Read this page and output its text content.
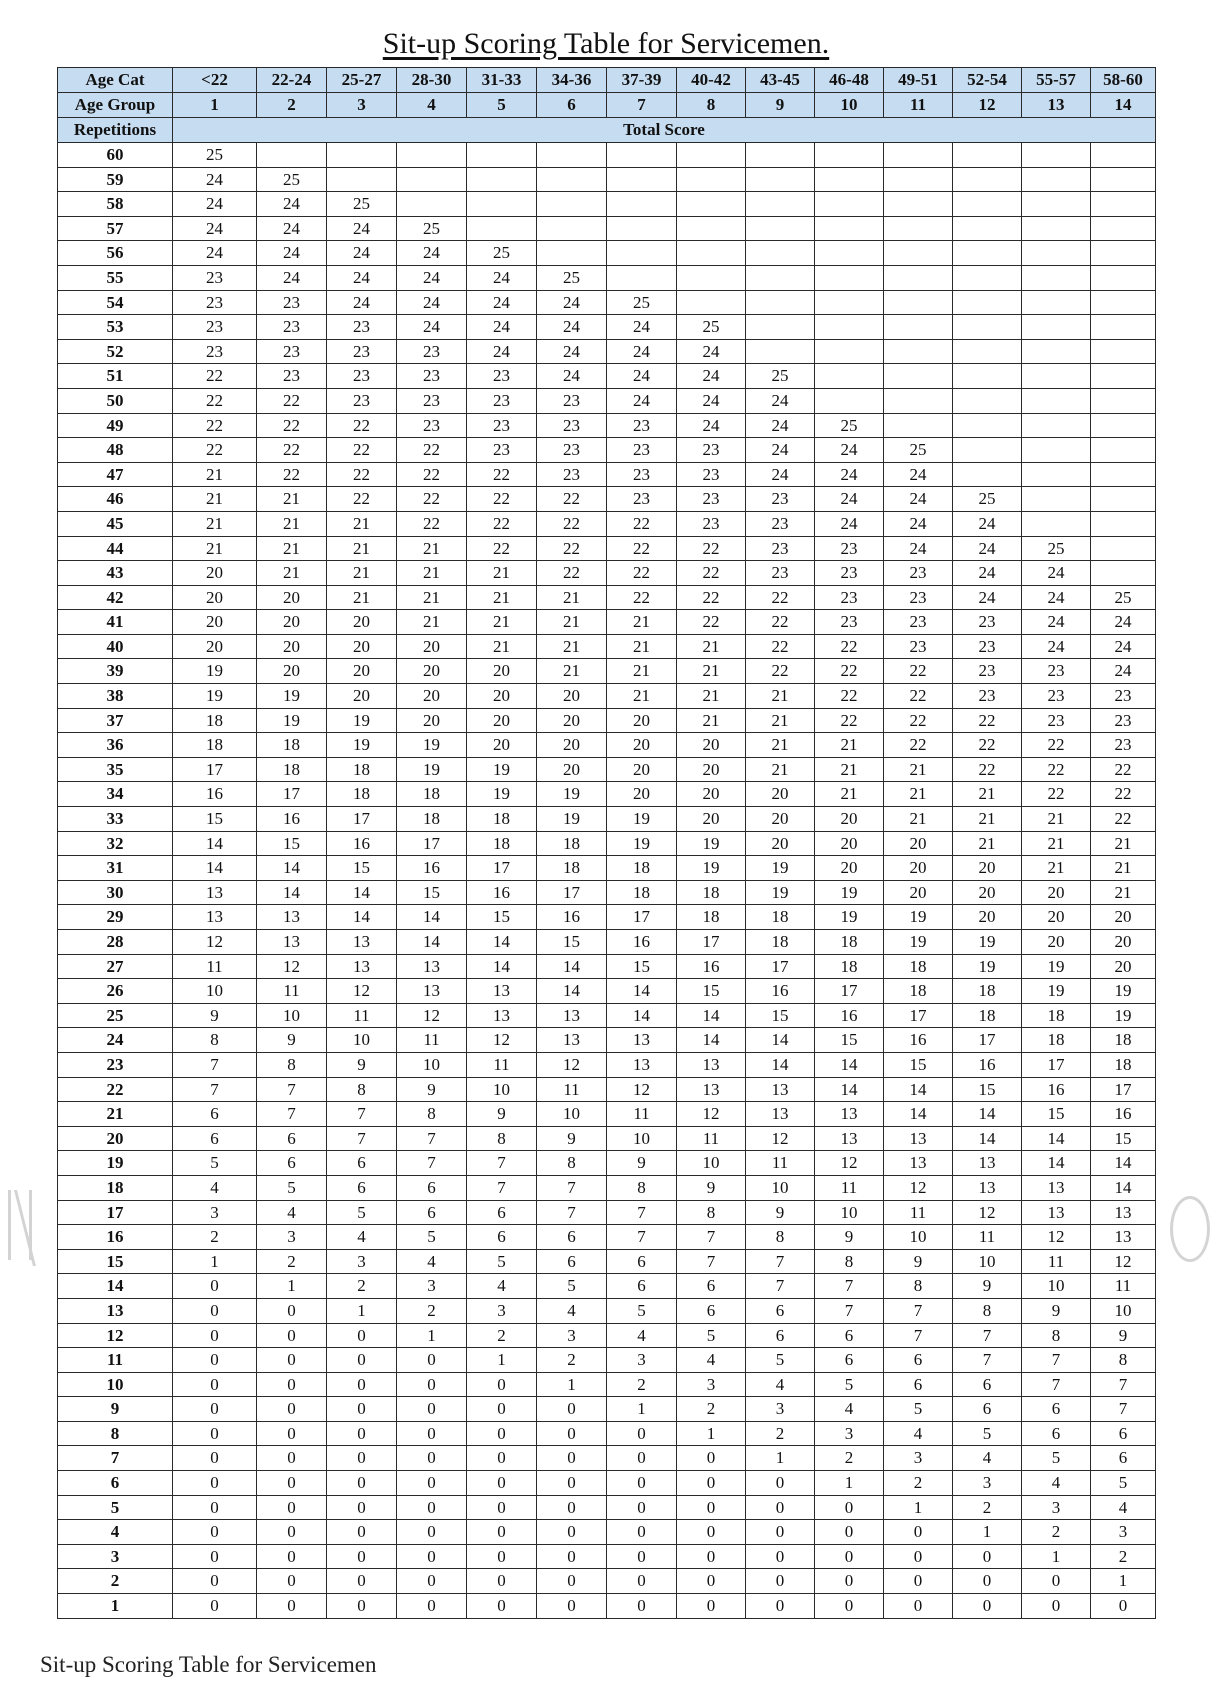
Sit-up Scoring Table for Servicemen.
Age Cat	<22	22-24	25-27	28-30	31-33	34-36	37-39	40-42	43-45	46-48	49-51	52-54	55-57	58-60
Age Group	1	2	3	4	5	6	7	8	9	10	11	12	13	14
Repetitions	Total Score													
60	25													
59	24	25												
58	24	24	25											
57	24	24	24	25										
56	24	24	24	24	25									
55	23	24	24	24	24	25								
54	23	23	24	24	24	24	25							
53	23	23	23	24	24	24	24	25						
52	23	23	23	23	24	24	24	24						
51	22	23	23	23	23	24	24	24	25					
50	22	22	23	23	23	23	24	24	24					
49	22	22	22	23	23	23	23	24	24	25				
48	22	22	22	22	23	23	23	23	24	24	25			
47	21	22	22	22	22	23	23	23	24	24	24			
46	21	21	22	22	22	22	23	23	23	24	24	25		
45	21	21	21	22	22	22	22	23	23	24	24	24		
44	21	21	21	21	22	22	22	22	23	23	24	24	25	
43	20	21	21	21	21	22	22	22	23	23	23	24	24	
42	20	20	21	21	21	21	22	22	22	23	23	24	24	25
41	20	20	20	21	21	21	21	22	22	23	23	23	24	24
40	20	20	20	20	21	21	21	21	22	22	23	23	24	24
39	19	20	20	20	20	21	21	21	22	22	22	23	23	24
38	19	19	20	20	20	20	21	21	21	22	22	23	23	23
37	18	19	19	20	20	20	20	21	21	22	22	22	23	23
36	18	18	19	19	20	20	20	20	21	21	22	22	22	23
35	17	18	18	19	19	20	20	20	21	21	21	22	22	22
34	16	17	18	18	19	19	20	20	20	21	21	21	22	22
33	15	16	17	18	18	19	19	20	20	20	21	21	21	22
32	14	15	16	17	18	18	19	19	20	20	20	21	21	21
31	14	14	15	16	17	18	18	19	19	20	20	20	21	21
30	13	14	14	15	16	17	18	18	19	19	20	20	20	21
29	13	13	14	14	15	16	17	18	18	19	19	20	20	20
28	12	13	13	14	14	15	16	17	18	18	19	19	20	20
27	11	12	13	13	14	14	15	16	17	18	18	19	19	20
26	10	11	12	13	13	14	14	15	16	17	18	18	19	19
25	9	10	11	12	13	13	14	14	15	16	17	18	18	19
24	8	9	10	11	12	13	13	14	14	15	16	17	18	18
23	7	8	9	10	11	12	13	13	14	14	15	16	17	18
22	7	7	8	9	10	11	12	13	13	14	14	15	16	17
21	6	7	7	8	9	10	11	12	13	13	14	14	15	16
20	6	6	7	7	8	9	10	11	12	13	13	14	14	15
19	5	6	6	7	7	8	9	10	11	12	13	13	14	14
18	4	5	6	6	7	7	8	9	10	11	12	13	13	14
17	3	4	5	6	6	7	7	8	9	10	11	12	13	13
16	2	3	4	5	6	6	7	7	8	9	10	11	12	13
15	1	2	3	4	5	6	6	7	7	8	9	10	11	12
14	0	1	2	3	4	5	6	6	7	7	8	9	10	11
13	0	0	1	2	3	4	5	6	6	7	7	8	9	10
12	0	0	0	1	2	3	4	5	6	6	7	7	8	9
11	0	0	0	0	1	2	3	4	5	6	6	7	7	8
10	0	0	0	0	0	1	2	3	4	5	6	6	7	7
9	0	0	0	0	0	0	1	2	3	4	5	6	6	7
8	0	0	0	0	0	0	0	1	2	3	4	5	6	6
7	0	0	0	0	0	0	0	0	1	2	3	4	5	6
6	0	0	0	0	0	0	0	0	0	1	2	3	4	5
5	0	0	0	0	0	0	0	0	0	0	1	2	3	4
4	0	0	0	0	0	0	0	0	0	0	0	1	2	3
3	0	0	0	0	0	0	0	0	0	0	0	0	1	2
2	0	0	0	0	0	0	0	0	0	0	0	0	0	1
1	0	0	0	0	0	0	0	0	0	0	0	0	0	0
Sit-up Scoring Table for Servicemen
